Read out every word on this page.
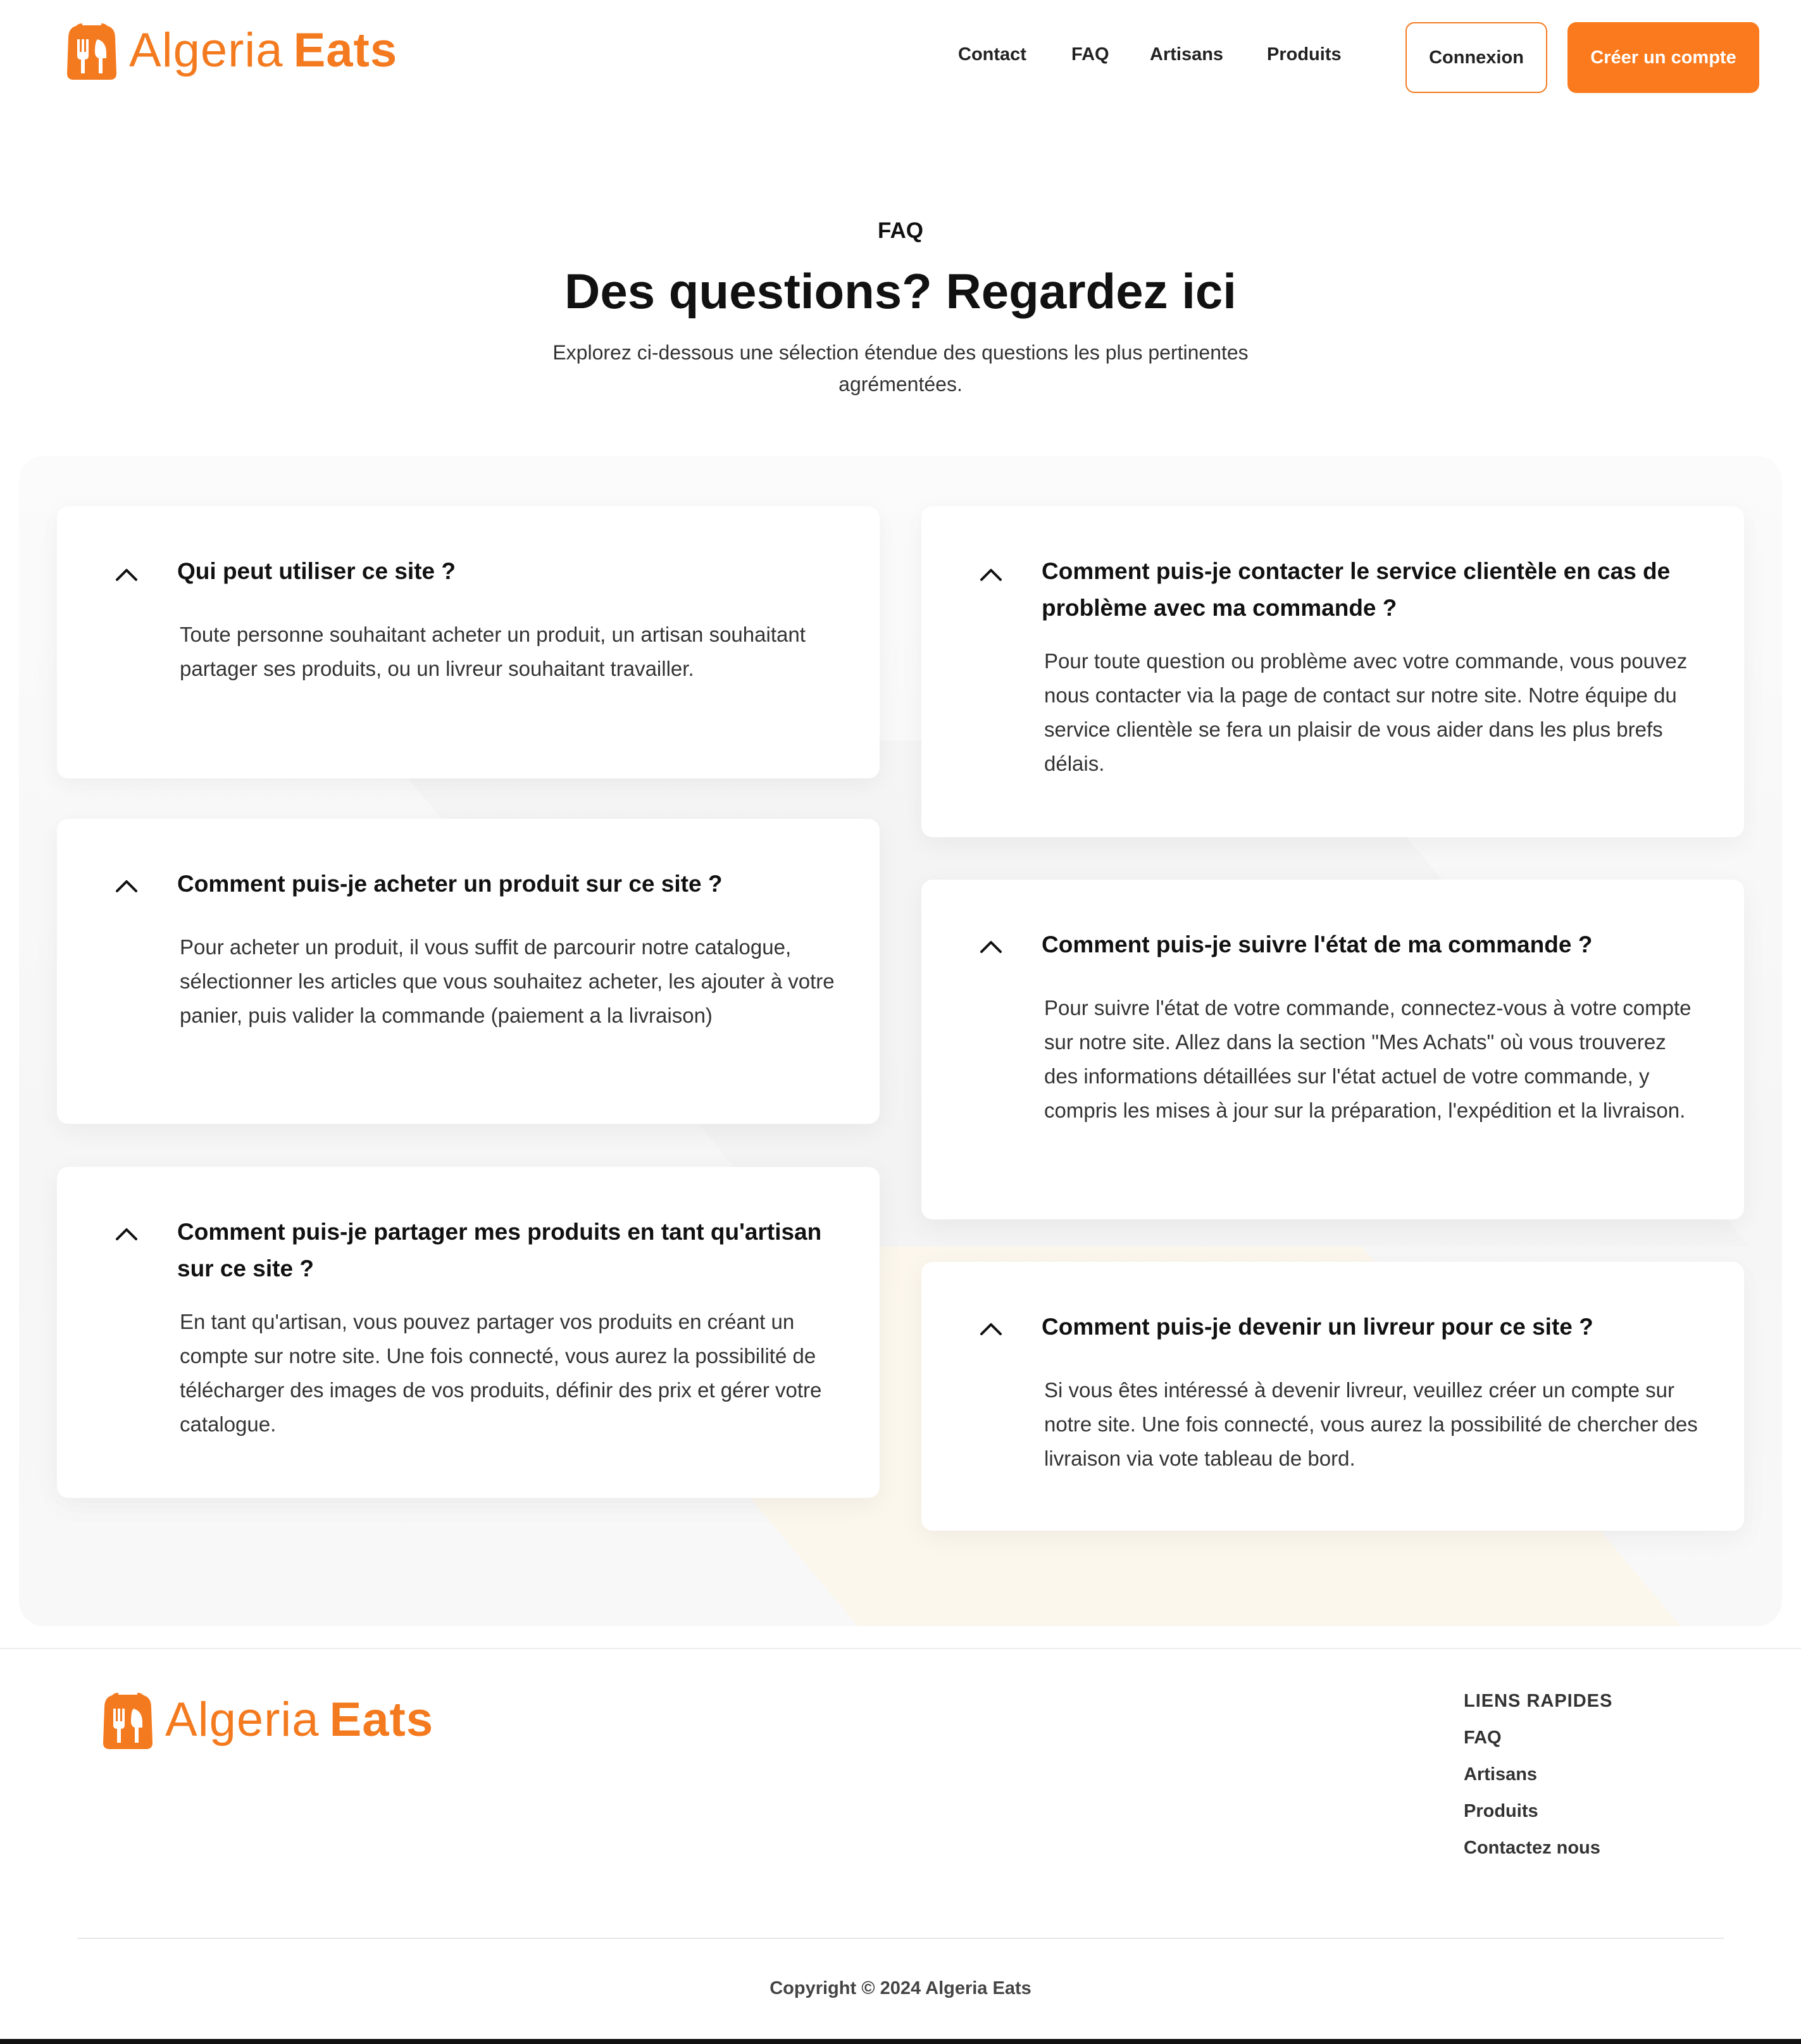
Algeria Eats	Contact FAQ Artisans Produits	Connexion	Créer un compte
FAQ
Des questions? Regardez ici

Explorez ci-dessous une sélection étendue des questions les plus pertinentes agrémentées.

Qui peut utiliser ce site ?

Toute personne souhaitant acheter un produit, un artisan souhaitant partager ses produits, ou un livreur souhaitant travailler.

Comment puis-je acheter un produit sur ce site ?

Pour acheter un produit, il vous suffit de parcourir notre catalogue, sélectionner les articles que vous souhaitez acheter, les ajouter à votre panier, puis valider la commande (paiement a la livraison)

Comment puis-je partager mes produits en tant qu'artisan sur ce site ?

En tant qu'artisan, vous pouvez partager vos produits en créant un compte sur notre site. Une fois connecté, vous aurez la possibilité de télécharger des images de vos produits, définir des prix et gérer votre catalogue.

Comment puis-je contacter le service clientèle en cas de problème avec ma commande ?

Pour toute question ou problème avec votre commande, vous pouvez nous contacter via la page de contact sur notre site. Notre équipe du service clientèle se fera un plaisir de vous aider dans les plus brefs délais.

Comment puis-je suivre l'état de ma commande ?

Pour suivre l'état de votre commande, connectez-vous à votre compte sur notre site. Allez dans la section "Mes Achats" où vous trouverez des informations détaillées sur l'état actuel de votre commande, y compris les mises à jour sur la préparation, l'expédition et la livraison.

Comment puis-je devenir un livreur pour ce site ?

Si vous êtes intéressé à devenir livreur, veuillez créer un compte sur notre site. Une fois connecté, vous aurez la possibilité de chercher des livraison via vote tableau de bord.

Algeria Eats	LIENS RAPIDES
FAQ
Artisans
Produits
Contactez nous
Copyright © 2024 Algeria Eats
